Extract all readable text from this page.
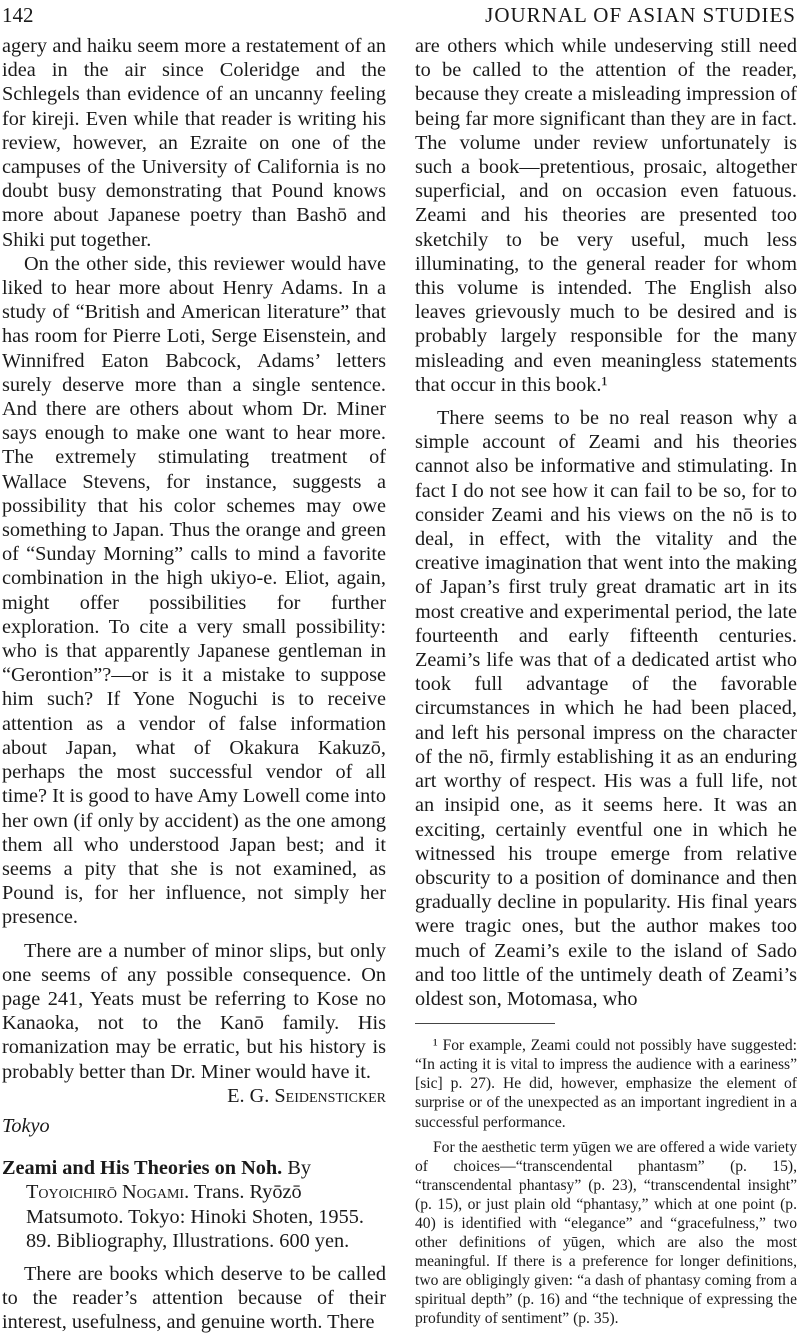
142	JOURNAL OF ASIAN STUDIES

agery and haiku seem more a restatement of an idea in the air since Coleridge and the Schlegels than evidence of an uncanny feeling for kireji. Even while that reader is writing his review, however, an Ezraite on one of the campuses of the University of California is no doubt busy demonstrating that Pound knows more about Japanese poetry than Bashō and Shiki put together.

On the other side, this reviewer would have liked to hear more about Henry Adams. In a study of “British and American literature” that has room for Pierre Loti, Serge Eisenstein, and Winnifred Eaton Babcock, Adams’ letters surely deserve more than a single sentence. And there are others about whom Dr. Miner says enough to make one want to hear more. The extremely stimulating treatment of Wallace Stevens, for instance, suggests a possibility that his color schemes may owe something to Japan. Thus the orange and green of “Sunday Morning” calls to mind a favorite combination in the high ukiyo-e. Eliot, again, might offer possibilities for further exploration. To cite a very small possibility: who is that apparently Japanese gentleman in “Gerontion”?—or is it a mistake to suppose him such? If Yone Noguchi is to receive attention as a vendor of false information about Japan, what of Okakura Kakuzō, perhaps the most successful vendor of all time? It is good to have Amy Lowell come into her own (if only by accident) as the one among them all who understood Japan best; and it seems a pity that she is not examined, as Pound is, for her influence, not simply her presence.

There are a number of minor slips, but only one seems of any possible consequence. On page 241, Yeats must be referring to Kose no Kanaoka, not to the Kanō family. His romanization may be erratic, but his history is probably better than Dr. Miner would have it.

E. G. Seidensticker

Tokyo

Zeami and His Theories on Noh. By Toyoichirō Nogami. Trans. Ryōzō Matsumoto. Tokyo: Hinoki Shoten, 1955. 89. Bibliography, Illustrations. 600 yen.

There are books which deserve to be called to the reader’s attention because of their interest, usefulness, and genuine worth. There

are others which while undeserving still need to be called to the attention of the reader, because they create a misleading impression of being far more significant than they are in fact. The volume under review unfortunately is such a book—pretentious, prosaic, altogether superficial, and on occasion even fatuous. Zeami and his theories are presented too sketchily to be very useful, much less illuminating, to the general reader for whom this volume is intended. The English also leaves grievously much to be desired and is probably largely responsible for the many misleading and even meaningless statements that occur in this book.¹

There seems to be no real reason why a simple account of Zeami and his theories cannot also be informative and stimulating. In fact I do not see how it can fail to be so, for to consider Zeami and his views on the nō is to deal, in effect, with the vitality and the creative imagination that went into the making of Japan’s first truly great dramatic art in its most creative and experimental period, the late fourteenth and early fifteenth centuries. Zeami’s life was that of a dedicated artist who took full advantage of the favorable circumstances in which he had been placed, and left his personal impress on the character of the nō, firmly establishing it as an enduring art worthy of respect. His was a full life, not an insipid one, as it seems here. It was an exciting, certainly eventful one in which he witnessed his troupe emerge from relative obscurity to a position of dominance and then gradually decline in popularity. His final years were tragic ones, but the author makes too much of Zeami’s exile to the island of Sado and too little of the untimely death of Zeami’s oldest son, Motomasa, who

¹ For example, Zeami could not possibly have suggested: “In acting it is vital to impress the audience with a eariness” [sic] p. 27). He did, however, emphasize the element of surprise or of the unexpected as an important ingredient in a successful performance.

For the aesthetic term yūgen we are offered a wide variety of choices—“transcendental phantasm” (p. 15), “transcendental phantasy” (p. 23), “transcendental insight” (p. 15), or just plain old “phantasy,” which at one point (p. 40) is identified with “elegance” and “gracefulness,” two other definitions of yūgen, which are also the most meaningful. If there is a preference for longer definitions, two are obligingly given: “a dash of phantasy coming from a spiritual depth” (p. 16) and “the technique of expressing the profundity of sentiment” (p. 35).
